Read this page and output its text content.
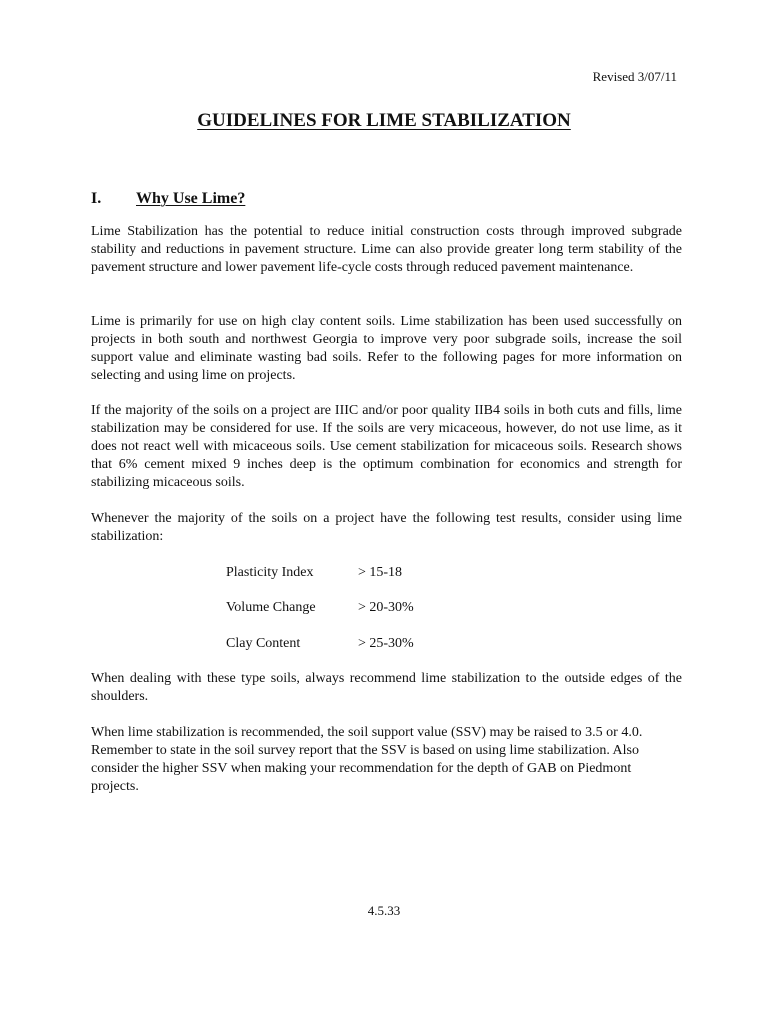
Revised 3/07/11
GUIDELINES FOR LIME STABILIZATION
I. Why Use Lime?

Lime Stabilization has the potential to reduce initial construction costs through improved subgrade stability and reductions in pavement structure. Lime can also provide greater long term stability of the pavement structure and lower pavement life-cycle costs through reduced pavement maintenance.

Lime is primarily for use on high clay content soils. Lime stabilization has been used successfully on projects in both south and northwest Georgia to improve very poor subgrade soils, increase the soil support value and eliminate wasting bad soils. Refer to the following pages for more information on selecting and using lime on projects.

If the majority of the soils on a project are IIIC and/or poor quality IIB4 soils in both cuts and fills, lime stabilization may be considered for use. If the soils are very micaceous, however, do not use lime, as it does not react well with micaceous soils. Use cement stabilization for micaceous soils. Research shows that 6% cement mixed 9 inches deep is the optimum combination for economics and strength for stabilizing micaceous soils.

Whenever the majority of the soils on a project have the following test results, consider using lime stabilization:

Plasticity Index	> 15-18
Volume Change	> 20-30%
Clay Content	> 25-30%

When dealing with these type soils, always recommend lime stabilization to the outside edges of the shoulders.

When lime stabilization is recommended, the soil support value (SSV) may be raised to 3.5 or 4.0. Remember to state in the soil survey report that the SSV is based on using lime stabilization. Also consider the higher SSV when making your recommendation for the depth of GAB on Piedmont projects.

4.5.33
